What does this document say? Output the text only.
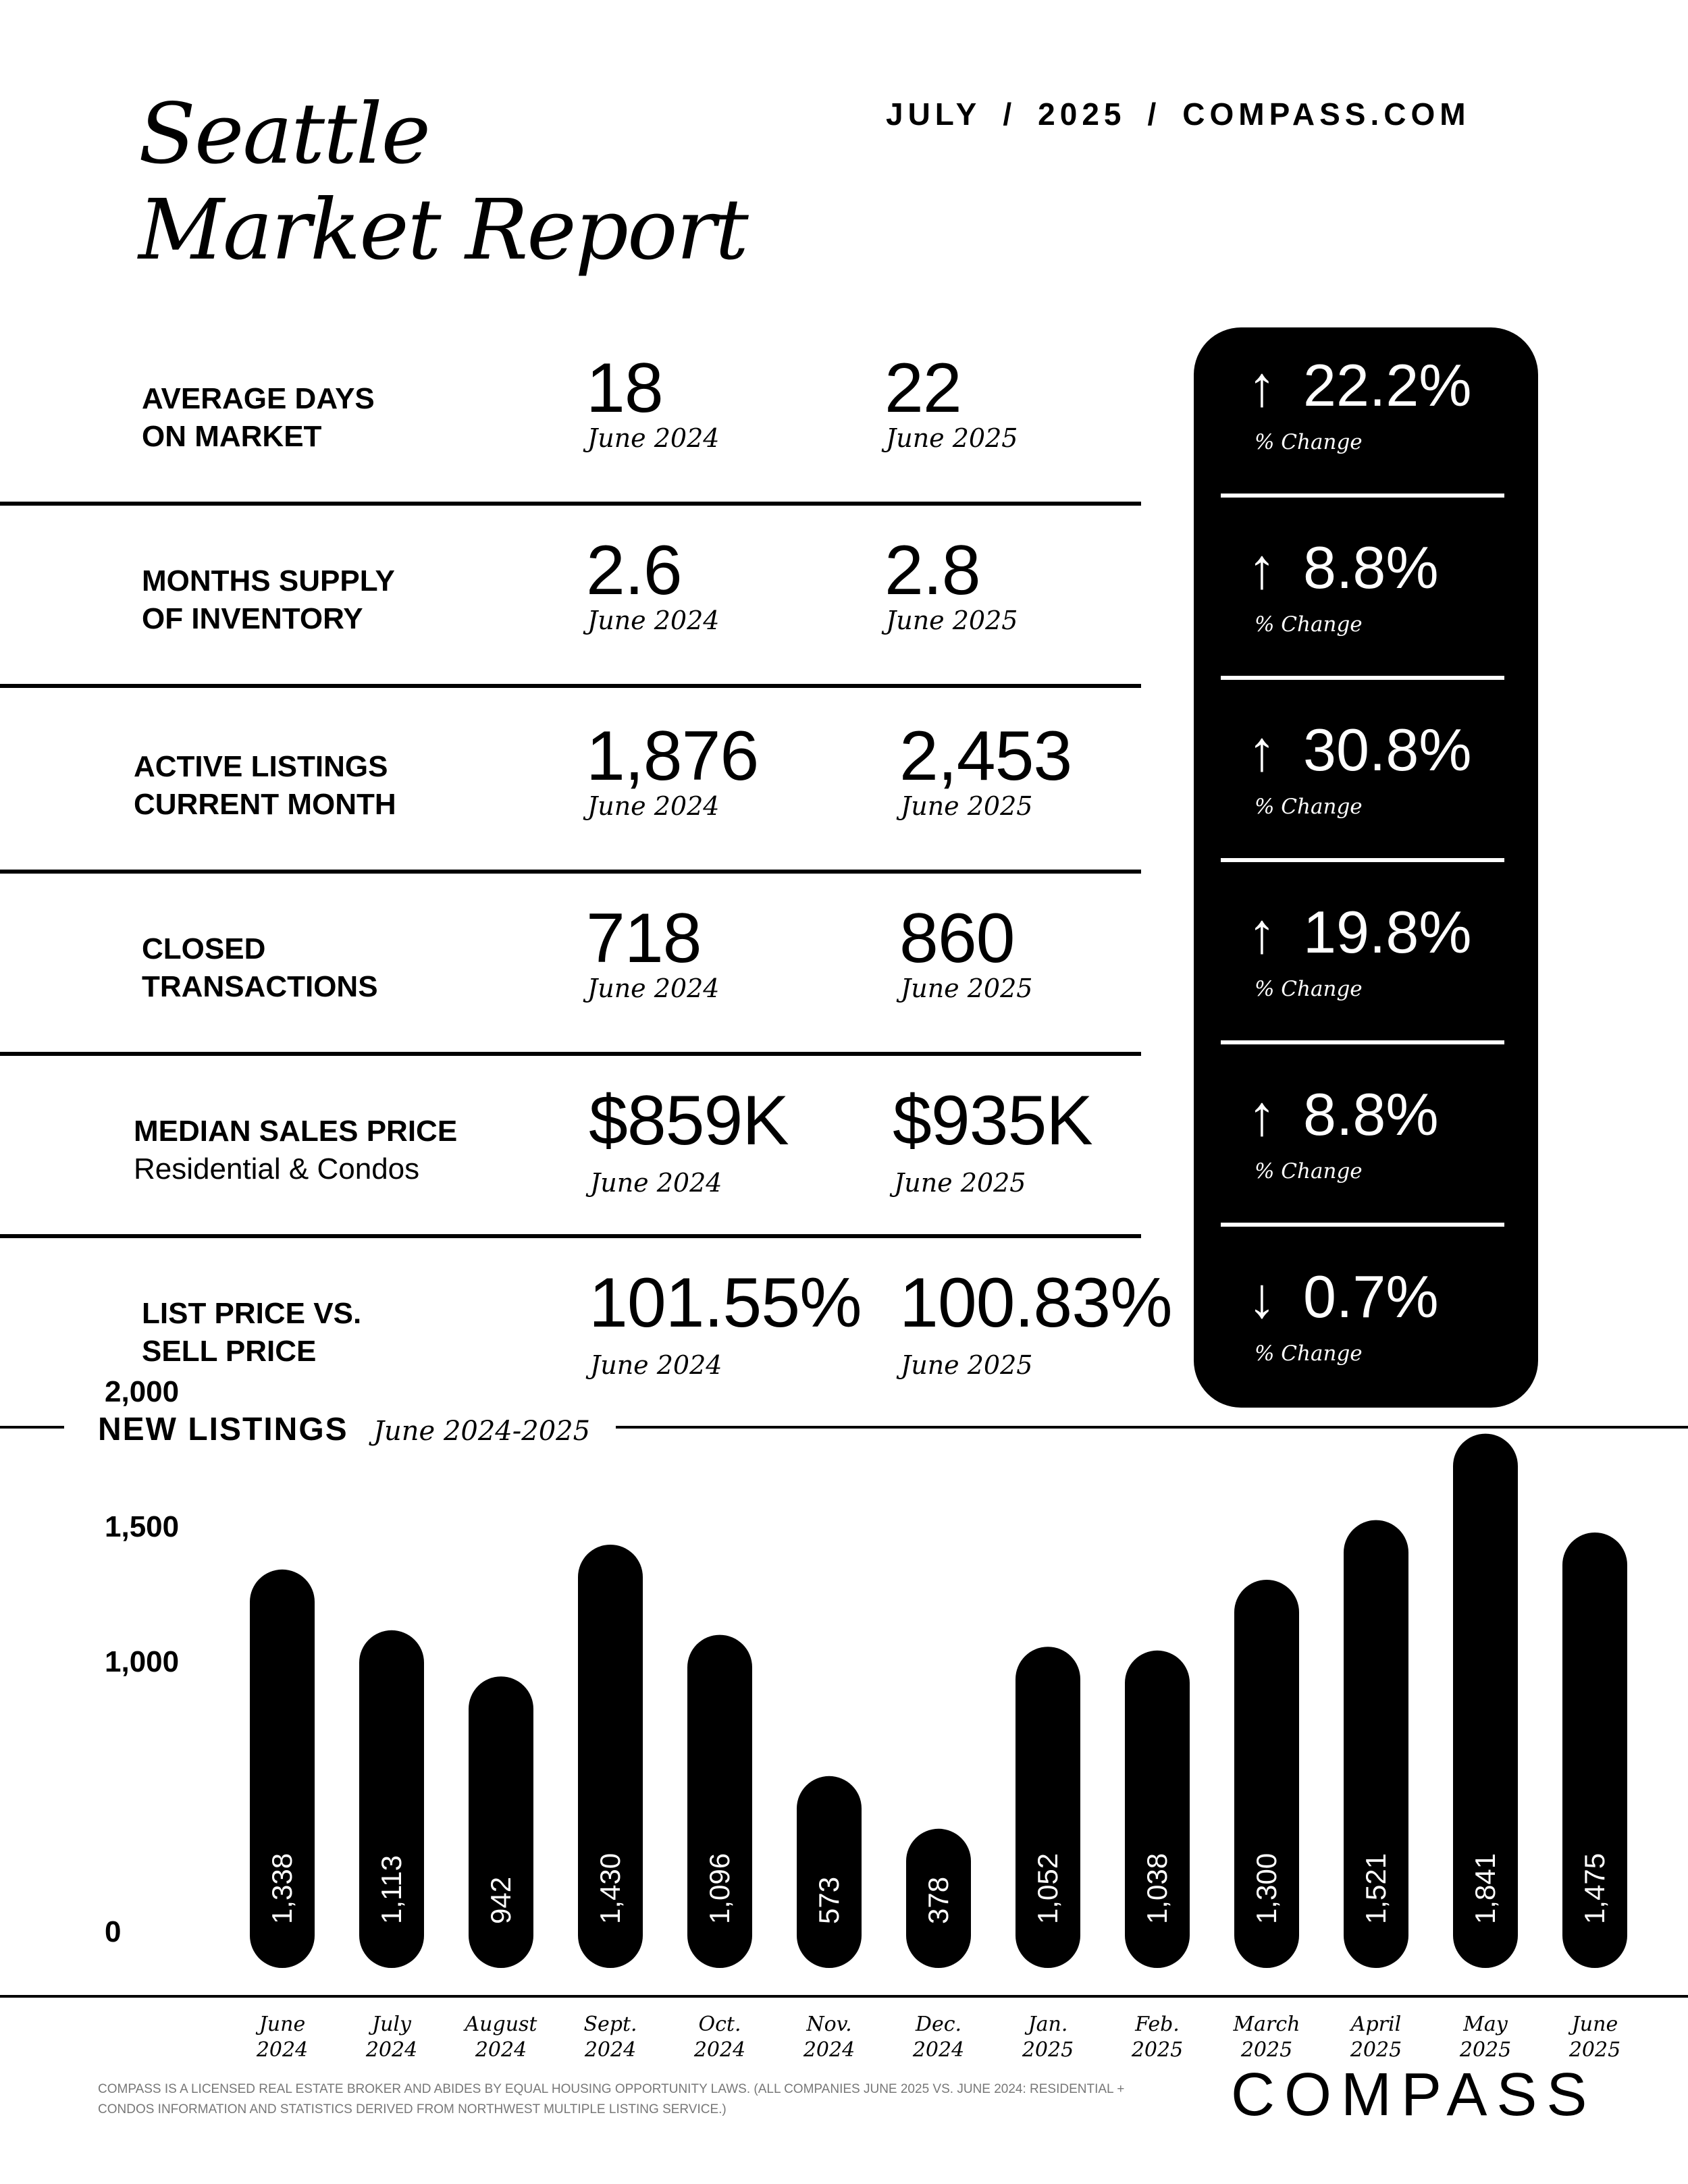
Seattle
Market Report
JULY / 2025 / COMPASS.COM
AVERAGE DAYS
ON MARKET
18
June 2024
22
June 2025
MONTHS SUPPLY
OF INVENTORY
2.6
June 2024
2.8
June 2025
ACTIVE LISTINGS
CURRENT MONTH
1,876
June 2024
2,453
June 2025
CLOSED
TRANSACTIONS
718
June 2024
860
June 2025
MEDIAN SALES PRICE
Residential & Condos
$859K
June 2024
$935K
June 2025
LIST PRICE VS.
SELL PRICE
101.55%
June 2024
100.83%
June 2025
↑ 22.2%
% Change
↑ 8.8%
% Change
↑ 30.8%
% Change
↑ 19.8%
% Change
↑ 8.8%
% Change
↓ 0.7%
% Change
NEW LISTINGS June 2024-2025
0
1,000
1,500
2,000
1,338
June
2024
1,113
July
2024
942
August
2024
1,430
Sept.
2024
1,096
Oct.
2024
573
Nov.
2024
378
Dec.
2024
1,052
Jan.
2025
1,038
Feb.
2025
1,300
March
2025
1,521
April
2025
1,841
May
2025
1,475
June
2025
COMPASS IS A LICENSED REAL ESTATE BROKER AND ABIDES BY EQUAL HOUSING OPPORTUNITY LAWS. (ALL COMPANIES JUNE 2025 VS. JUNE 2024: RESIDENTIAL + CONDOS INFORMATION AND STATISTICS DERIVED FROM NORTHWEST MULTIPLE LISTING SERVICE.)	COMPASS
